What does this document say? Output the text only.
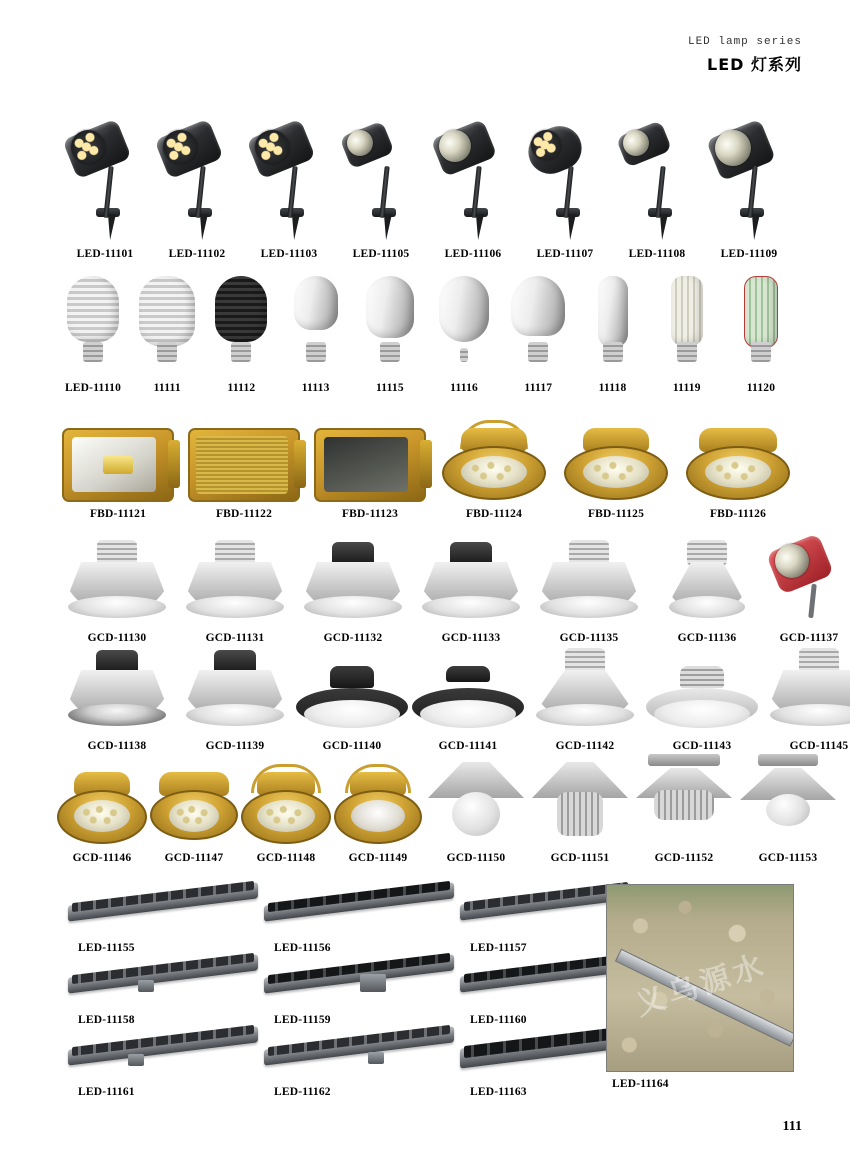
LED lamp series
LED 灯系列
LED-11101	LED-11102	LED-11103	LED-11105	LED-11106	LED-11107	LED-11108	LED-11109
LED-11110	11111	11112	11113	11115	11116	11117	11118	11119	11120
FBD-11121	FBD-11122	FBD-11123	FBD-11124	FBD-11125	FBD-11126
GCD-11130	GCD-11131	GCD-11132	GCD-11133	GCD-11135	GCD-11136	GCD-11137
GCD-11138	GCD-11139	GCD-11140	GCD-11141	GCD-11142	GCD-11143	GCD-11145
GCD-11146	GCD-11147	GCD-11148	GCD-11149	GCD-11150	GCD-11151	GCD-11152	GCD-11153
LED-11155	LED-11156	LED-11157
LED-11158	LED-11159	LED-11160
LED-11161	LED-11162	LED-11163
义乌源水
LED-11164
111
